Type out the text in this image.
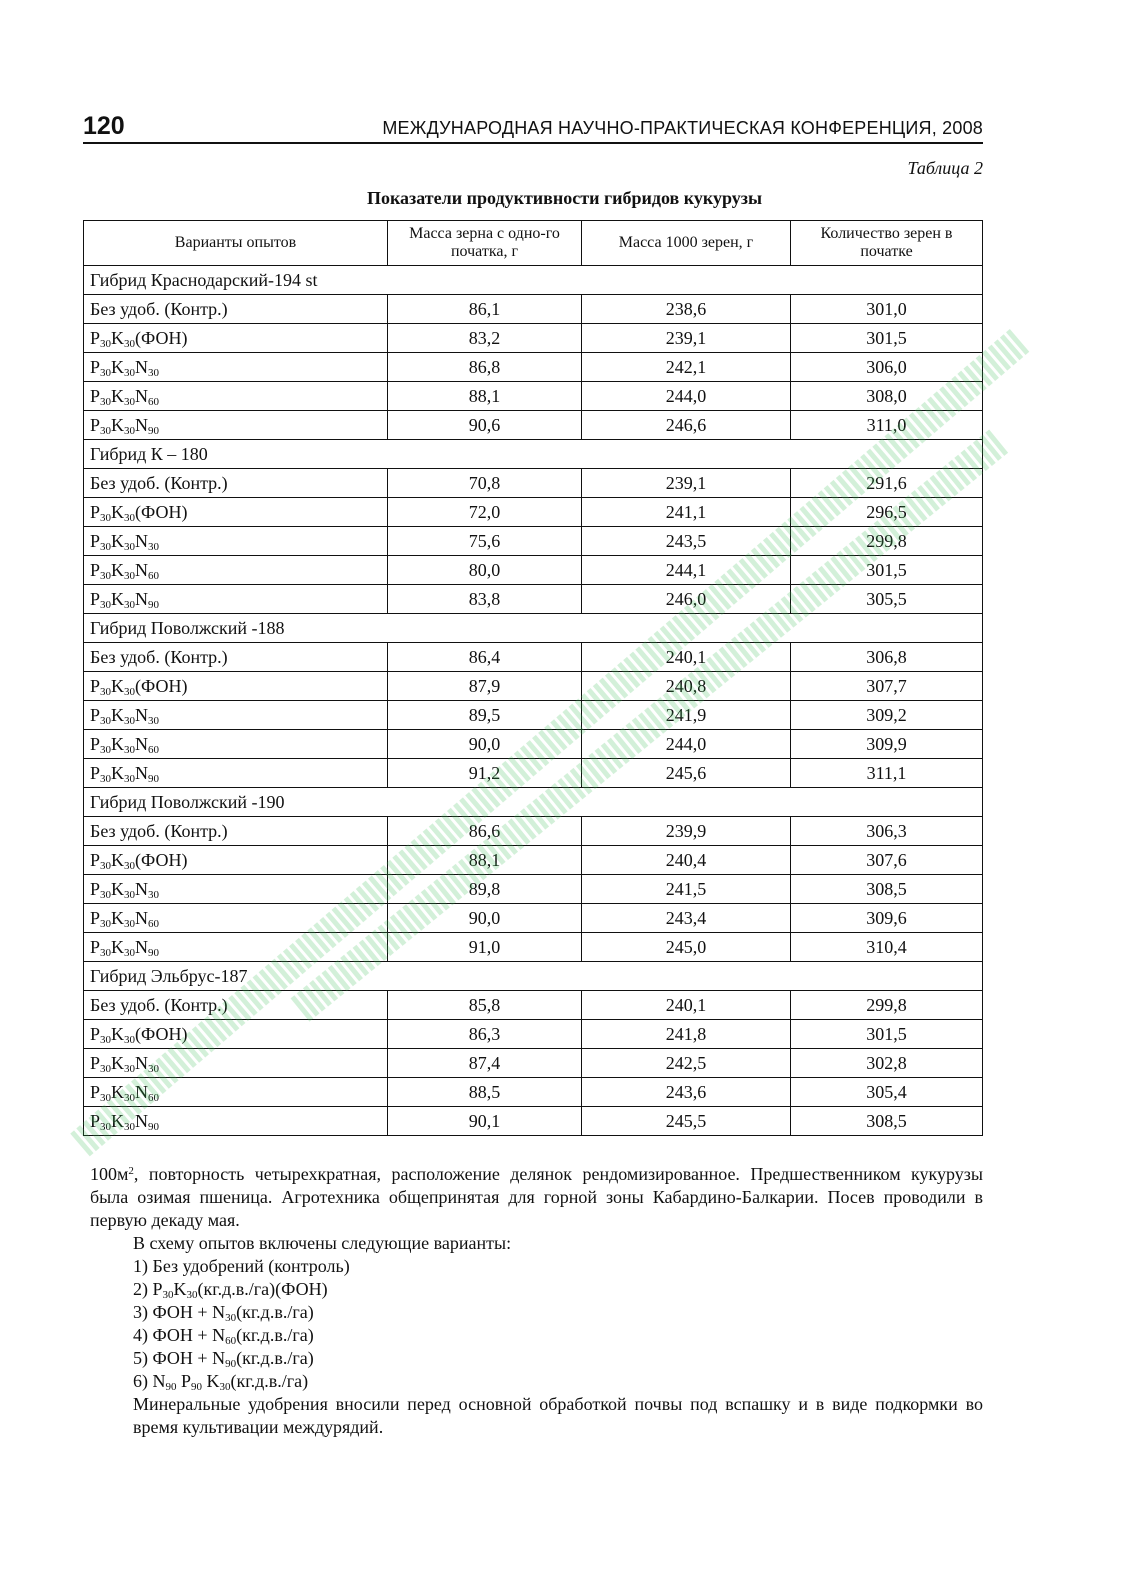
120	МЕЖДУНАРОДНАЯ НАУЧНО-ПРАКТИЧЕСКАЯ КОНФЕРЕНЦИЯ, 2008
Таблица 2
Показатели продуктивности гибридов кукурузы
Варианты опытов	Масса зерна с одно-го початка, г	Масса 1000 зерен, г	Количество зерен в початке
Гибрид Краснодарский-194 st			
Без удоб. (Контр.)	86,1	238,6	301,0
$P_{30}K_{30}(ФОН)$	83,2	239,1	301,5
$P_{30}K_{30}N_{30}$	86,8	242,1	306,0
$P_{30}K_{30}N_{60}$	88,1	244,0	308,0
$P_{30}K_{30}N_{90}$	90,6	246,6	311,0
Гибрид К – 180			
Без удоб. (Контр.)	70,8	239,1	291,6
$P_{30}K_{30}(ФОН)$	72,0	241,1	296,5
$P_{30}K_{30}N_{30}$	75,6	243,5	299,8
$P_{30}K_{30}N_{60}$	80,0	244,1	301,5
$P_{30}K_{30}N_{90}$	83,8	246,0	305,5
Гибрид Поволжский -188			
Без удоб. (Контр.)	86,4	240,1	306,8
$P_{30}K_{30}(ФОН)$	87,9	240,8	307,7
$P_{30}K_{30}N_{30}$	89,5	241,9	309,2
$P_{30}K_{30}N_{60}$	90,0	244,0	309,9
$P_{30}K_{30}N_{90}$	91,2	245,6	311,1
Гибрид Поволжский -190			
Без удоб. (Контр.)	86,6	239,9	306,3
$P_{30}K_{30}(ФОН)$	88,1	240,4	307,6
$P_{30}K_{30}N_{30}$	89,8	241,5	308,5
$P_{30}K_{30}N_{60}$	90,0	243,4	309,6
$P_{30}K_{30}N_{90}$	91,0	245,0	310,4
Гибрид Эльбрус-187			
Без удоб. (Контр.)	85,8	240,1	299,8
$P_{30}K_{30}(ФОН)$	86,3	241,8	301,5
$P_{30}K_{30}N_{30}$	87,4	242,5	302,8
$P_{30}K_{30}N_{60}$	88,5	243,6	305,4
$P_{30}K_{30}N_{90}$	90,1	245,5	308,5

$100м^2$, повторность четырехкратная, расположение делянок рендомизированное. Предшественником кукурузы была озимая пшеница. Агротехника общепринятая для горной зоны Кабардино-Балкарии. Посев проводили в первую декаду мая.

В схему опытов включены следующие варианты:

1) Без удобрений (контроль)

2) $P_{30}K_{30}(кг.д.в./га)(ФОН)$

3) ФОН + $N_{30}(кг.д.в./га)$

4) ФОН + $N_{60}(кг.д.в./га)$

5) ФОН + $N_{90}(кг.д.в./га)$

6) $N_{90}$ $P_{90}$ $K_{30}(кг.д.в./га)$

Минеральные удобрения вносили перед основной обработкой почвы под вспашку и в виде подкормки во время культивации междурядий.
